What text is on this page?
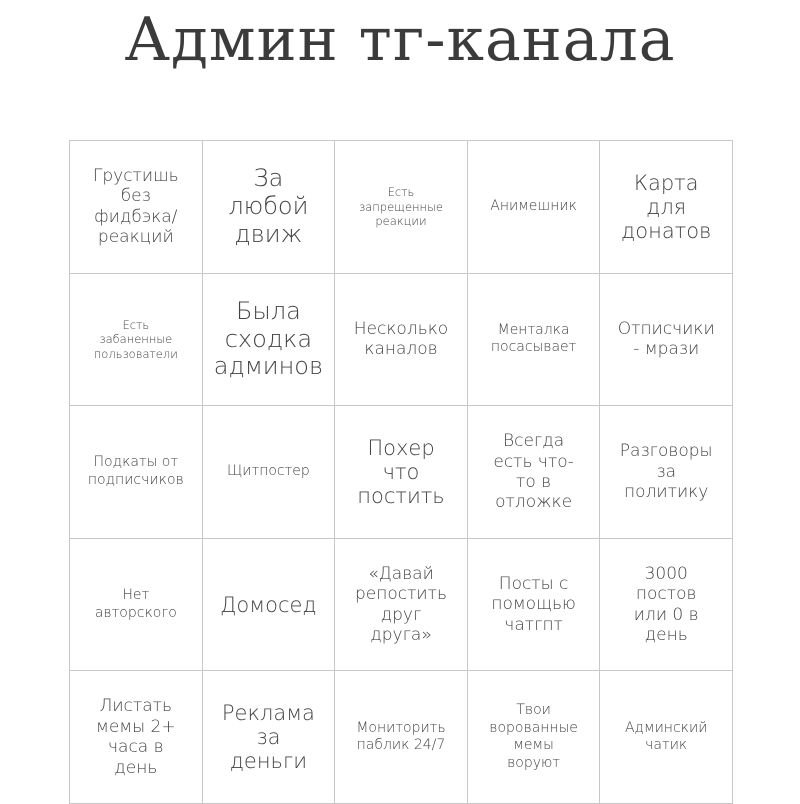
Админ тг-канала
Грустишь
без
фидбэка/
реакций
За
любой
движ
Есть
запрещенные
реакции
Анимешник
Карта
для
донатов
Есть
забаненные
пользователи
Была
сходка
админов
Несколько
каналов
Менталка
посасывает
Отписчики
- мрази
Подкаты от
подписчиков
Щитпостер
Похер
что
постить
Всегда
есть что-
то в
отложке
Разговоры
за
политику
Нет
авторского Домосед
«Давай
репостить
друг
друга»
Посты с
помощью
чатгпт
3000
постов
или 0 в
день
Листать
мемы 2+
часа в
день
Реклама
за
деньги
Мониторить
паблик 24/7
Твои
ворованные
мемы
воруют
Админский
чатик
